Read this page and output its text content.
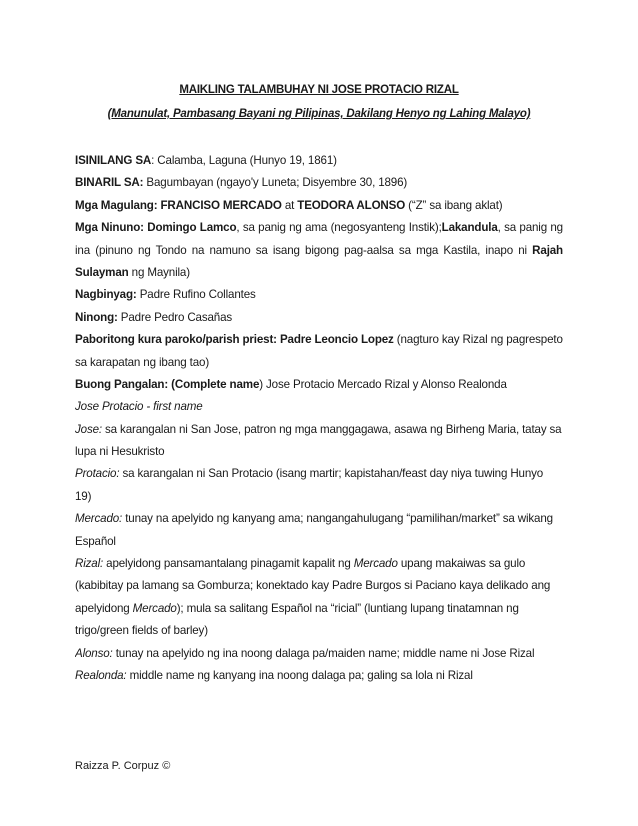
MAIKLING TALAMBUHAY NI JOSE PROTACIO RIZAL
(Manunulat, Pambasang Bayani ng Pilipinas, Dakilang Henyo ng Lahing Malayo)
ISINILANG SA: Calamba, Laguna (Hunyo 19, 1861)
BINARIL SA: Bagumbayan (ngayo'y Luneta; Disyembre 30, 1896)
Mga Magulang: FRANCISO MERCADO at TEODORA ALONSO (“Z” sa ibang aklat)
Mga Ninuno: Domingo Lamco, sa panig ng ama (negosyanteng Instik);Lakandula, sa panig ng
ina (pinuno ng Tondo na namuno sa isang bigong pag-aalsa sa mga Kastila, inapo ni Rajah
Sulayman ng Maynila)
Nagbinyag: Padre Rufino Collantes
Ninong: Padre Pedro Casañas
Paboritong kura paroko/parish priest: Padre Leoncio Lopez (nagturo kay Rizal ng pagrespeto
sa karapatan ng ibang tao)
Buong Pangalan: (Complete name) Jose Protacio Mercado Rizal y Alonso Realonda
Jose Protacio - first name
Jose: sa karangalan ni San Jose, patron ng mga manggagawa, asawa ng Birheng Maria, tatay sa
lupa ni Hesukristo
Protacio: sa karangalan ni San Protacio (isang martir; kapistahan/feast day niya tuwing Hunyo
19)
Mercado: tunay na apelyido ng kanyang ama; nangangahulugang “pamilihan/market” sa wikang
Español
Rizal: apelyidong pansamantalang pinagamit kapalit ng Mercado upang makaiwas sa gulo
(kabibitay pa lamang sa Gomburza; konektado kay Padre Burgos si Paciano kaya delikado ang
apelyidong Mercado); mula sa salitang Español na “ricial” (luntiang lupang tinatamnan ng
trigo/green fields of barley)
Alonso: tunay na apelyido ng ina noong dalaga pa/maiden name; middle name ni Jose Rizal
Realonda: middle name ng kanyang ina noong dalaga pa; galing sa lola ni Rizal
Raizza P. Corpuz ©
